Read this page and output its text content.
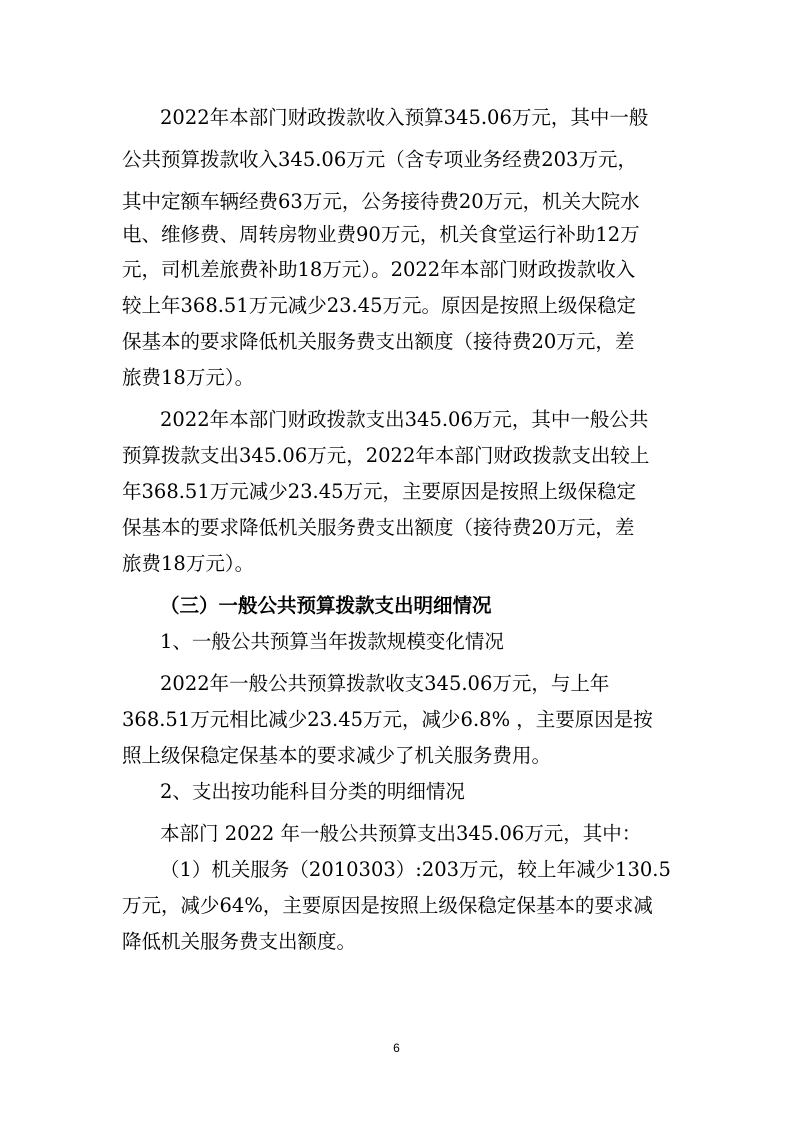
2022年本部门财政拨款收入预算345.06万元，其中一般
公共预算拨款收入345.06万元（含专项业务经费203万元，
其中定额车辆经费63万元，公务接待费20万元，机关大院水
电、维修费、周转房物业费90万元，机关食堂运行补助12万
元，司机差旅费补助18万元）。2022年本部门财政拨款收入
较上年368.51万元减少23.45万元。原因是按照上级保稳定
保基本的要求降低机关服务费支出额度（接待费20万元，差
旅费18万元）。
2022年本部门财政拨款支出345.06万元，其中一般公共
预算拨款支出345.06万元，2022年本部门财政拨款支出较上
年368.51万元减少23.45万元，主要原因是按照上级保稳定
保基本的要求降低机关服务费支出额度（接待费20万元，差
旅费18万元）。
（三）一般公共预算拨款支出明细情况
1、一般公共预算当年拨款规模变化情况
2022年一般公共预算拨款收支345.06万元，与上年
368.51万元相比减少23.45万元，减少6.8% ，主要原因是按
照上级保稳定保基本的要求减少了机关服务费用。
2、支出按功能科目分类的明细情况
本部门 2022 年一般公共预算支出345.06万元，其中：
（1）机关服务（2010303）:203万元，较上年减少130.5
万元，减少64%，主要原因是按照上级保稳定保基本的要求减
降低机关服务费支出额度。
6
